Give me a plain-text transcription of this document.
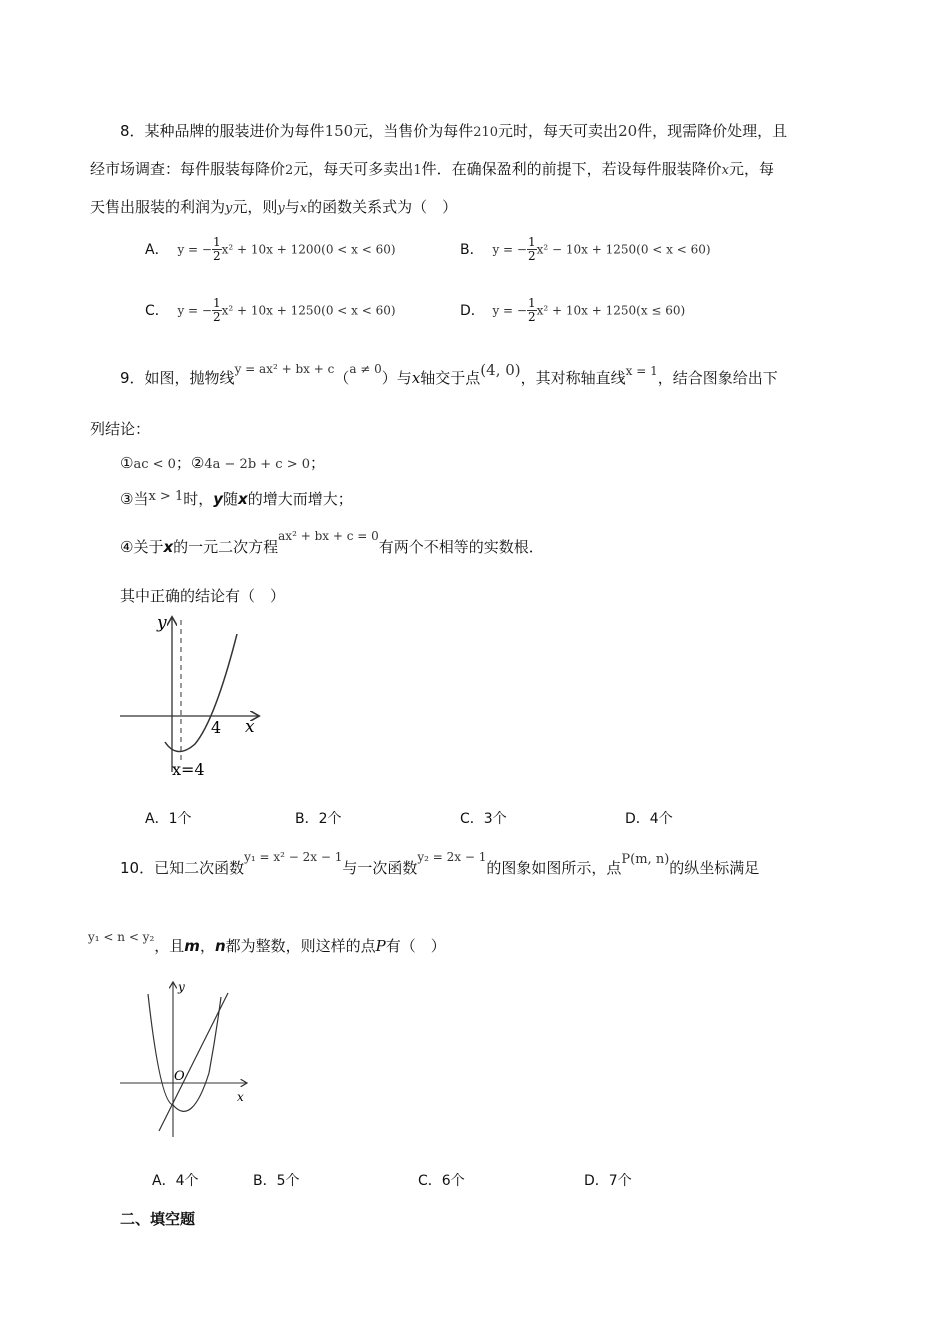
8．某种品牌的服装进价为每件150元，当售价为每件210元时，每天可卖出20件，现需降价处理，且
经市场调查：每件服装每降价2元，每天可多卖出1件．在确保盈利的前提下，若设每件服装降价x元，每
天售出服装的利润为y元，则y与x的函数关系式为（　）
A． y = − $\frac{1}{2} x^2 + 10x + 1200(0 < x < 60)$	B． y = − $\frac{1}{2} x^2 - 10x + 1250(0 < x < 60)$
C． y = − $\frac{1}{2} x^2 + 10x + 1250(0 < x < 60)$	D． y = − $\frac{1}{2} x^2 + 10x + 1250(x \le 60)$
9．如图，抛物线$^{y = ax^2 + bx + c}$（$^{a \ne 0}$）与x轴交于点(4, 0)，其对称轴直线$^{x = 1}$，结合图象给出下
列结论：
①ac < 0；②4a − 2b + c > 0；
③当x > 1时，y随x的增大而增大；
④关于x的一元二次方程$^{ax^2 + bx + c = 0}$有两个不相等的实数根．
其中正确的结论有（　）
y
x
4
x=4
A．1个	B．2个	C．3个	D．4个
10．已知二次函数$^{y_1 = x^2 - 2x - 1}$与一次函数$^{y_2 = 2x - 1}$的图象如图所示，点P(m, n)的纵坐标满足
$^{y_1 < n < y_2}$，且m，n都为整数，则这样的点P有（　）
y
x
O
A．4个	B．5个	C．6个	D．7个
二、填空题
